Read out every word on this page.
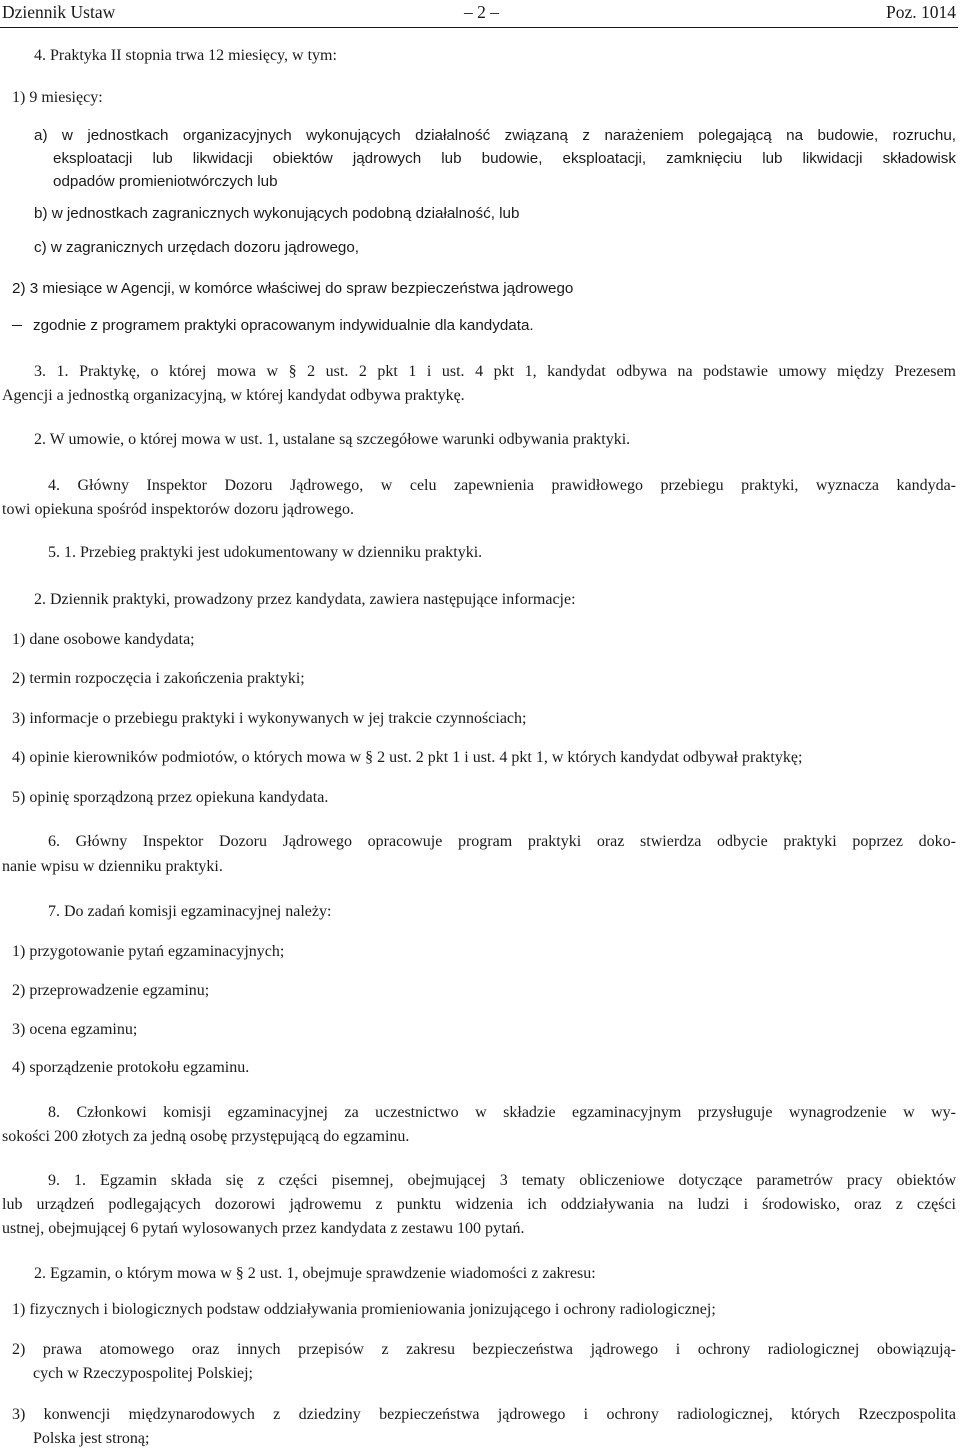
Dziennik Ustaw	– 2 –	Poz. 1014
4. Praktyka II stopnia trwa 12 miesięcy, w tym:
1) 9 miesięcy:
a) w jednostkach organizacyjnych wykonujących działalność związaną z narażeniem polegającą na budowie, rozruchu,
eksploatacji lub likwidacji obiektów jądrowych lub budowie, eksploatacji, zamknięciu lub likwidacji składowisk
odpadów promieniotwórczych lub
b) w jednostkach zagranicznych wykonujących podobną działalność, lub
c) w zagranicznych urzędach dozoru jądrowego,
2) 3 miesiące w Agencji, w komórce właściwej do spraw bezpieczeństwa jądrowego
zgodnie z programem praktyki opracowanym indywidualnie dla kandydata.
3. 1. Praktykę, o której mowa w § 2 ust. 2 pkt 1 i ust. 4 pkt 1, kandydat odbywa na podstawie umowy między Prezesem
Agencji a jednostką organizacyjną, w której kandydat odbywa praktykę.
2. W umowie, o której mowa w ust. 1, ustalane są szczegółowe warunki odbywania praktyki.
4. Główny Inspektor Dozoru Jądrowego, w celu zapewnienia prawidłowego przebiegu praktyki, wyznacza kandyda-
towi opiekuna spośród inspektorów dozoru jądrowego.
5. 1. Przebieg praktyki jest udokumentowany w dzienniku praktyki.
2. Dziennik praktyki, prowadzony przez kandydata, zawiera następujące informacje:
1) dane osobowe kandydata;
2) termin rozpoczęcia i zakończenia praktyki;
3) informacje o przebiegu praktyki i wykonywanych w jej trakcie czynnościach;
4) opinie kierowników podmiotów, o których mowa w § 2 ust. 2 pkt 1 i ust. 4 pkt 1, w których kandydat odbywał praktykę;
5) opinię sporządzoną przez opiekuna kandydata.
6. Główny Inspektor Dozoru Jądrowego opracowuje program praktyki oraz stwierdza odbycie praktyki poprzez doko-
nanie wpisu w dzienniku praktyki.
7. Do zadań komisji egzaminacyjnej należy:
1) przygotowanie pytań egzaminacyjnych;
2) przeprowadzenie egzaminu;
3) ocena egzaminu;
4) sporządzenie protokołu egzaminu.
8. Członkowi komisji egzaminacyjnej za uczestnictwo w składzie egzaminacyjnym przysługuje wynagrodzenie w wy-
sokości 200 złotych za jedną osobę przystępującą do egzaminu.
9. 1. Egzamin składa się z części pisemnej, obejmującej 3 tematy obliczeniowe dotyczące parametrów pracy obiektów
lub urządzeń podlegających dozorowi jądrowemu z punktu widzenia ich oddziaływania na ludzi i środowisko, oraz z części
ustnej, obejmującej 6 pytań wylosowanych przez kandydata z zestawu 100 pytań.
2. Egzamin, o którym mowa w § 2 ust. 1, obejmuje sprawdzenie wiadomości z zakresu:
1) fizycznych i biologicznych podstaw oddziaływania promieniowania jonizującego i ochrony radiologicznej;
2) prawa atomowego oraz innych przepisów z zakresu bezpieczeństwa jądrowego i ochrony radiologicznej obowiązują-
cych w Rzeczypospolitej Polskiej;
3) konwencji międzynarodowych z dziedziny bezpieczeństwa jądrowego i ochrony radiologicznej, których Rzeczpospolita
Polska jest stroną;
